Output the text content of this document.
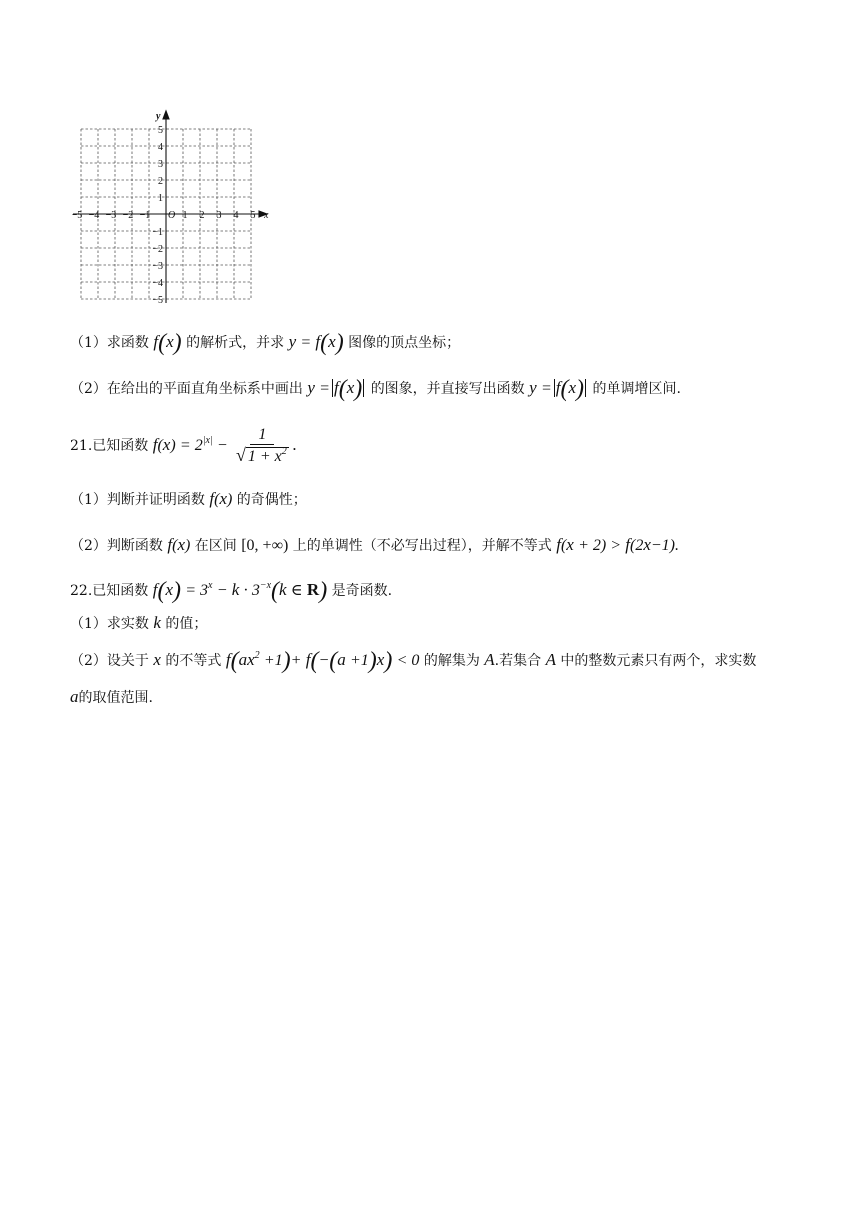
−5 −4 −3 −2 −1	1 2 3 4 5
5
4
3
2
1
−1
−2
−3
−4
−5
O	x
y
（1）求函数 f(x) 的解析式，并求 y = f(x) 图像的顶点坐标；
（2）在给出的平面直角坐标系中画出 y = f(x) 的图象，并直接写出函数 y = f(x) 的单调增区间.
21.已知函数 $f(x) = 2^{|x|} - \frac{1}{√ 1 + x^2}$ .
（1）判断并证明函数 f(x) 的奇偶性；
（2）判断函数 f(x) 在区间 [0, +∞) 上的单调性（不必写出过程），并解不等式 f(x + 2) > f(2x−1).
22.已知函数 $f(x) = 3^x - k \cdot 3^{-x}(k$ ∈ R) 是奇函数.
（1）求实数 k 的值；
（2）设关于 x 的不等式 $f(ax^2 +1)+ f(-(a +1)x) < 0$ 的解集为 A.若集合 A 中的整数元素只有两个，求实数
a的取值范围.
